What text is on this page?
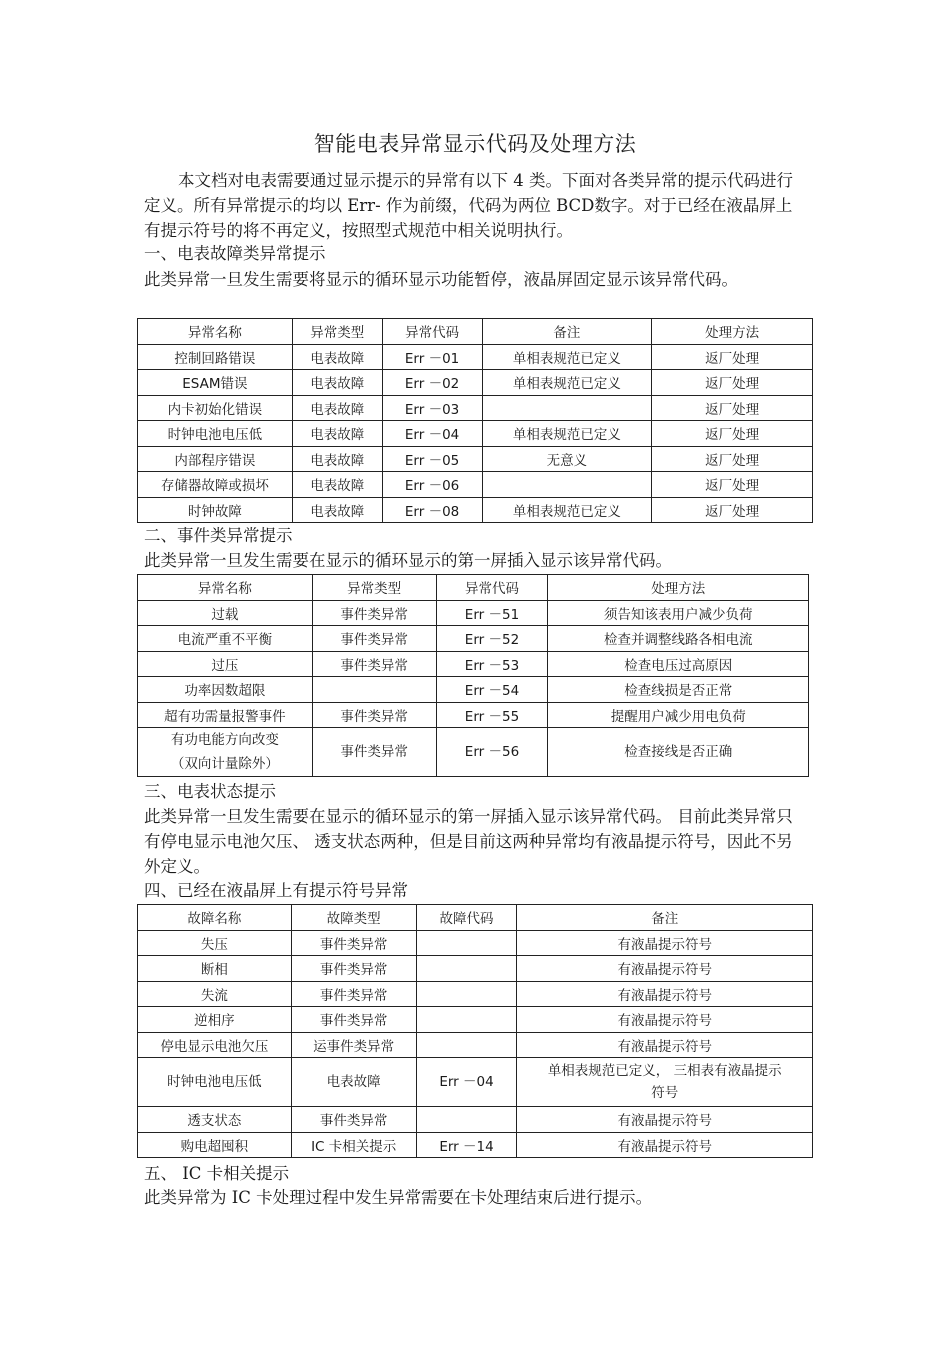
智能电表异常显示代码及处理方法
本文档对电表需要通过显示提示的异常有以下 4 类。下面对各类异常的提示代码进行定义。所有异常提示的均以 Err- 作为前缀，代码为两位 BCD数字。对于已经在液晶屏上有提示符号的将不再定义，按照型式规范中相关说明执行。
一、电表故障类异常提示
此类异常一旦发生需要将显示的循环显示功能暂停，液晶屏固定显示该异常代码。
异常名称	异常类型	异常代码	备注	处理方法
控制回路错误	电表故障	Err －01	单相表规范已定义	返厂处理
ESAM错误	电表故障	Err －02	单相表规范已定义	返厂处理
内卡初始化错误	电表故障	Err －03		返厂处理
时钟电池电压低	电表故障	Err －04	单相表规范已定义	返厂处理
内部程序错误	电表故障	Err －05	无意义	返厂处理
存储器故障或损坏	电表故障	Err －06		返厂处理
时钟故障	电表故障	Err －08	单相表规范已定义	返厂处理
二、事件类异常提示
此类异常一旦发生需要在显示的循环显示的第一屏插入显示该异常代码。
异常名称	异常类型	异常代码	处理方法
过载	事件类异常	Err －51	须告知该表用户减少负荷
电流严重不平衡	事件类异常	Err －52	检查并调整线路各相电流
过压	事件类异常	Err －53	检查电压过高原因
功率因数超限		Err －54	检查线损是否正常
超有功需量报警事件	事件类异常	Err －55	提醒用户减少用电负荷

有功电能方向改变
（双向计量除外）	事件类异常	Err －56	检查接线是否正确
三、电表状态提示
此类异常一旦发生需要在显示的循环显示的第一屏插入显示该异常代码。 目前此类异常只有停电显示电池欠压、 透支状态两种，但是目前这两种异常均有液晶提示符号，因此不另外定义。
四、已经在液晶屏上有提示符号异常
故障名称	故障类型	故障代码	备注
失压	事件类异常		有液晶提示符号
断相	事件类异常		有液晶提示符号
失流	事件类异常		有液晶提示符号
逆相序	事件类异常		有液晶提示符号
停电显示电池欠压	运事件类异常		有液晶提示符号
时钟电池电压低	电表故障	Err －04	单相表规范已定义， 三相表有液晶提示
符号

透支状态	事件类异常		有液晶提示符号
购电超囤积	IC 卡相关提示	Err －14	有液晶提示符号
五、 IC 卡相关提示
此类异常为 IC 卡处理过程中发生异常需要在卡处理结束后进行提示。
